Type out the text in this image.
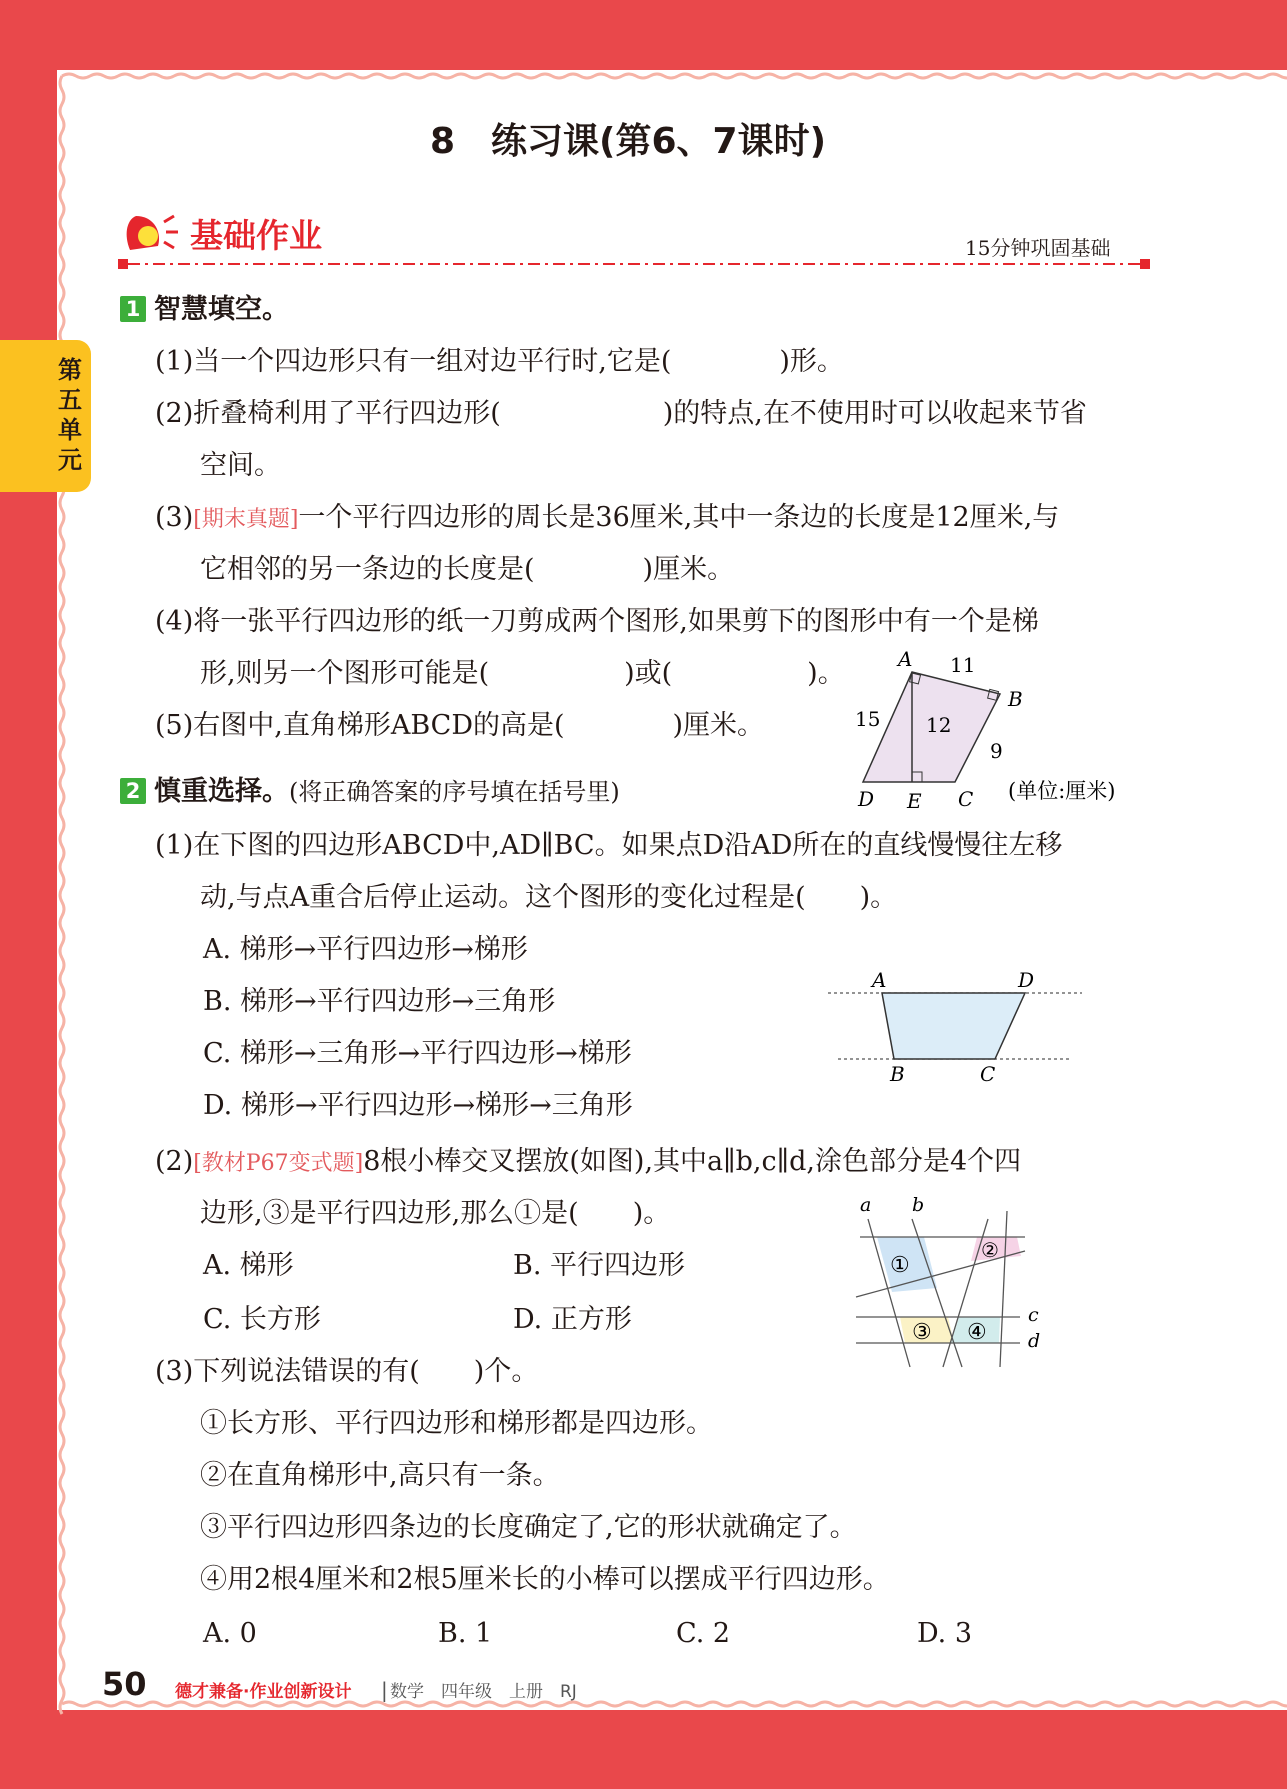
第五单元
8　练习课(第6、7课时)
基础作业	15分钟巩固基础
1 智慧填空。
(1)当一个四边形只有一组对边平行时,它是(　　　　)形。
(2)折叠椅利用了平行四边形(　　　　　　)的特点,在不使用时可以收起来节省
空间。
(3)[期末真题]一个平行四边形的周长是36厘米,其中一条边的长度是12厘米,与
它相邻的另一条边的长度是(　　　　)厘米。
(4)将一张平行四边形的纸一刀剪成两个图形,如果剪下的图形中有一个是梯
形,则另一个图形可能是(　　　　　)或(　　　　　)。
(5)右图中,直角梯形ABCD的高是(　　　　)厘米。
A
B
C
D E
11
15 12
9
(单位:厘米)
2 慎重选择。(将正确答案的序号填在括号里)
(1)在下图的四边形ABCD中,AD∥BC。如果点D沿AD所在的直线慢慢往左移
动,与点A重合后停止运动。这个图形的变化过程是(　　)。
A. 梯形→平行四边形→梯形
B. 梯形→平行四边形→三角形
C. 梯形→三角形→平行四边形→梯形
D. 梯形→平行四边形→梯形→三角形
A	D
B	C
(2)[教材P67变式题]8根小棒交叉摆放(如图),其中a∥b,c∥d,涂色部分是4个四
边形,③是平行四边形,那么①是(　　)。
A. 梯形	B. 平行四边形
C. 长方形	D. 正方形
a b
c
d
①
②
③ ④
(3)下列说法错误的有(　　)个。
①长方形、平行四边形和梯形都是四边形。
②在直角梯形中,高只有一条。
③平行四边形四条边的长度确定了,它的形状就确定了。
④用2根4厘米和2根5厘米长的小棒可以摆成平行四边形。
A. 0	B. 1	C. 2	D. 3
50 德才兼备·作业创新设计 | 数学　四年级　上册　RJ
